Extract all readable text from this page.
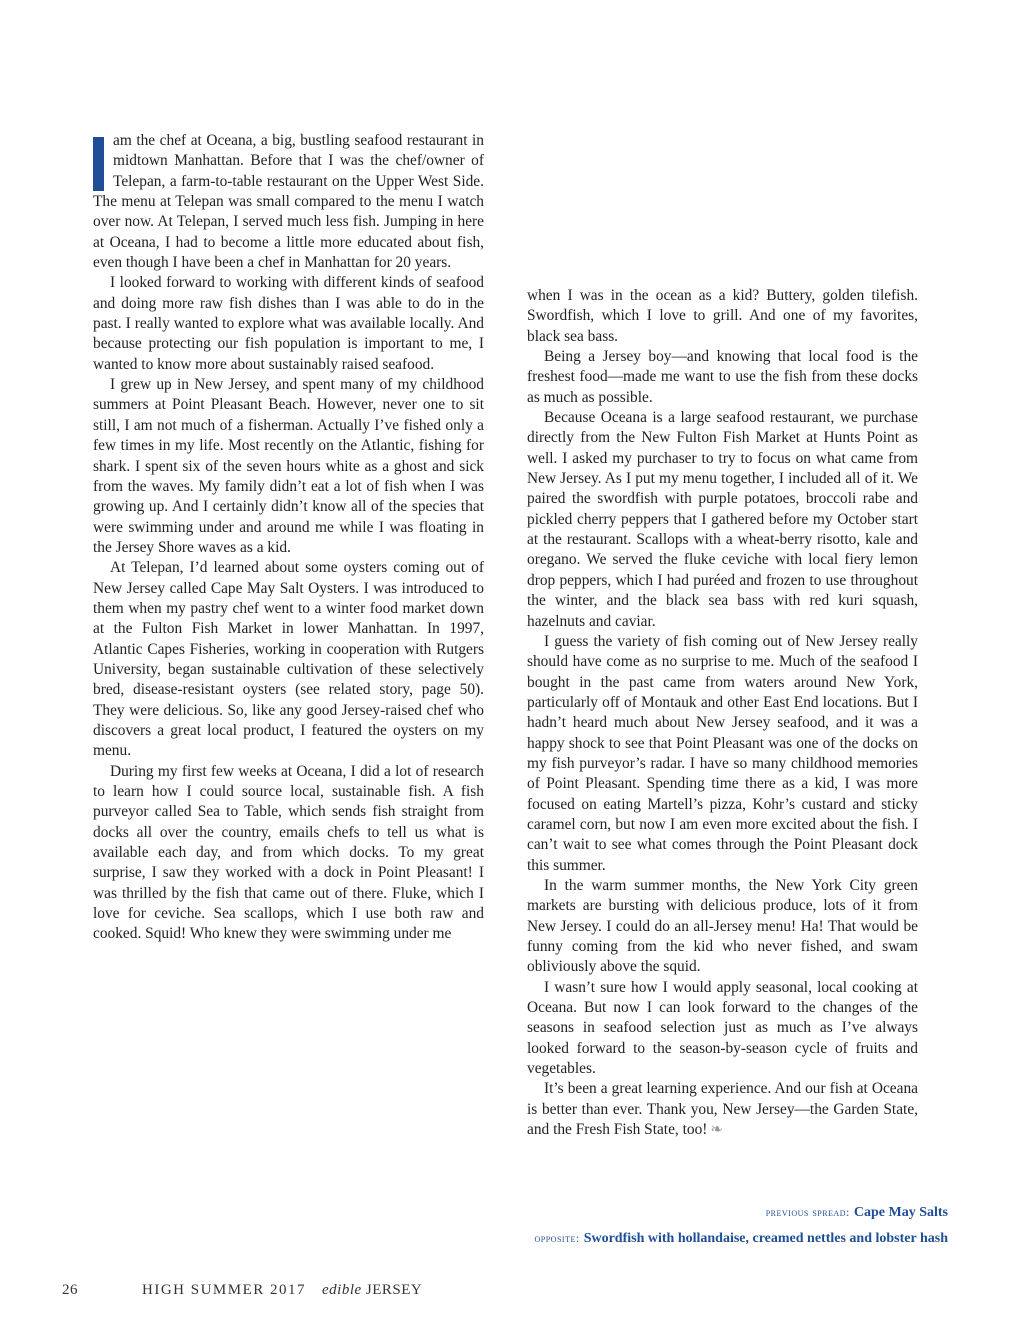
am the chef at Oceana, a big, bustling seafood restaurant in midtown Manhattan. Before that I was the chef/owner of Telepan, a farm-to-table restaurant on the Upper West Side. The menu at Telepan was small compared to the menu I watch over now. At Telepan, I served much less fish. Jumping in here at Oceana, I had to become a little more educated about fish, even though I have been a chef in Manhattan for 20 years.

I looked forward to working with different kinds of seafood and doing more raw fish dishes than I was able to do in the past. I really wanted to explore what was available locally. And because protecting our fish population is important to me, I wanted to know more about sustainably raised seafood.

I grew up in New Jersey, and spent many of my childhood summers at Point Pleasant Beach. However, never one to sit still, I am not much of a fisherman. Actually I’ve fished only a few times in my life. Most recently on the Atlantic, fishing for shark. I spent six of the seven hours white as a ghost and sick from the waves. My family didn’t eat a lot of fish when I was growing up. And I certainly didn’t know all of the species that were swimming under and around me while I was floating in the Jersey Shore waves as a kid.

At Telepan, I’d learned about some oysters coming out of New Jersey called Cape May Salt Oysters. I was introduced to them when my pastry chef went to a winter food market down at the Fulton Fish Market in lower Manhattan. In 1997, Atlantic Capes Fisheries, working in cooperation with Rutgers University, began sustainable cultivation of these selectively bred, disease-resistant oysters (see related story, page 50). They were delicious. So, like any good Jersey-raised chef who discovers a great local product, I featured the oysters on my menu.

During my first few weeks at Oceana, I did a lot of research to learn how I could source local, sustainable fish. A fish purveyor called Sea to Table, which sends fish straight from docks all over the country, emails chefs to tell us what is available each day, and from which docks. To my great surprise, I saw they worked with a dock in Point Pleasant! I was thrilled by the fish that came out of there. Fluke, which I love for ceviche. Sea scallops, which I use both raw and cooked. Squid! Who knew they were swimming under me

when I was in the ocean as a kid? Buttery, golden tilefish. Swordfish, which I love to grill. And one of my favorites, black sea bass.

Being a Jersey boy—and knowing that local food is the freshest food—made me want to use the fish from these docks as much as possible.

Because Oceana is a large seafood restaurant, we purchase directly from the New Fulton Fish Market at Hunts Point as well. I asked my purchaser to try to focus on what came from New Jersey. As I put my menu together, I included all of it. We paired the swordfish with purple potatoes, broccoli rabe and pickled cherry peppers that I gathered before my October start at the restaurant. Scallops with a wheat-berry risotto, kale and oregano. We served the fluke ceviche with local fiery lemon drop peppers, which I had puréed and frozen to use throughout the winter, and the black sea bass with red kuri squash, hazelnuts and caviar.

I guess the variety of fish coming out of New Jersey really should have come as no surprise to me. Much of the seafood I bought in the past came from waters around New York, particularly off of Montauk and other East End locations. But I hadn’t heard much about New Jersey seafood, and it was a happy shock to see that Point Pleasant was one of the docks on my fish purveyor’s radar. I have so many childhood memories of Point Pleasant. Spending time there as a kid, I was more focused on eating Martell’s pizza, Kohr’s custard and sticky caramel corn, but now I am even more excited about the fish. I can’t wait to see what comes through the Point Pleasant dock this summer.

In the warm summer months, the New York City green markets are bursting with delicious produce, lots of it from New Jersey. I could do an all-Jersey menu! Ha! That would be funny coming from the kid who never fished, and swam obliviously above the squid.

I wasn’t sure how I would apply seasonal, local cooking at Oceana. But now I can look forward to the changes of the seasons in seafood selection just as much as I’ve always looked forward to the season-by-season cycle of fruits and vegetables.

It’s been a great learning experience. And our fish at Oceana is better than ever. Thank you, New Jersey—the Garden State, and the Fresh Fish State, too! ❧

previous spread: Cape May Salts
opposite: Swordfish with hollandaise, creamed nettles and lobster hash
26	HIGH SUMMER 2017 edible JERSEY
